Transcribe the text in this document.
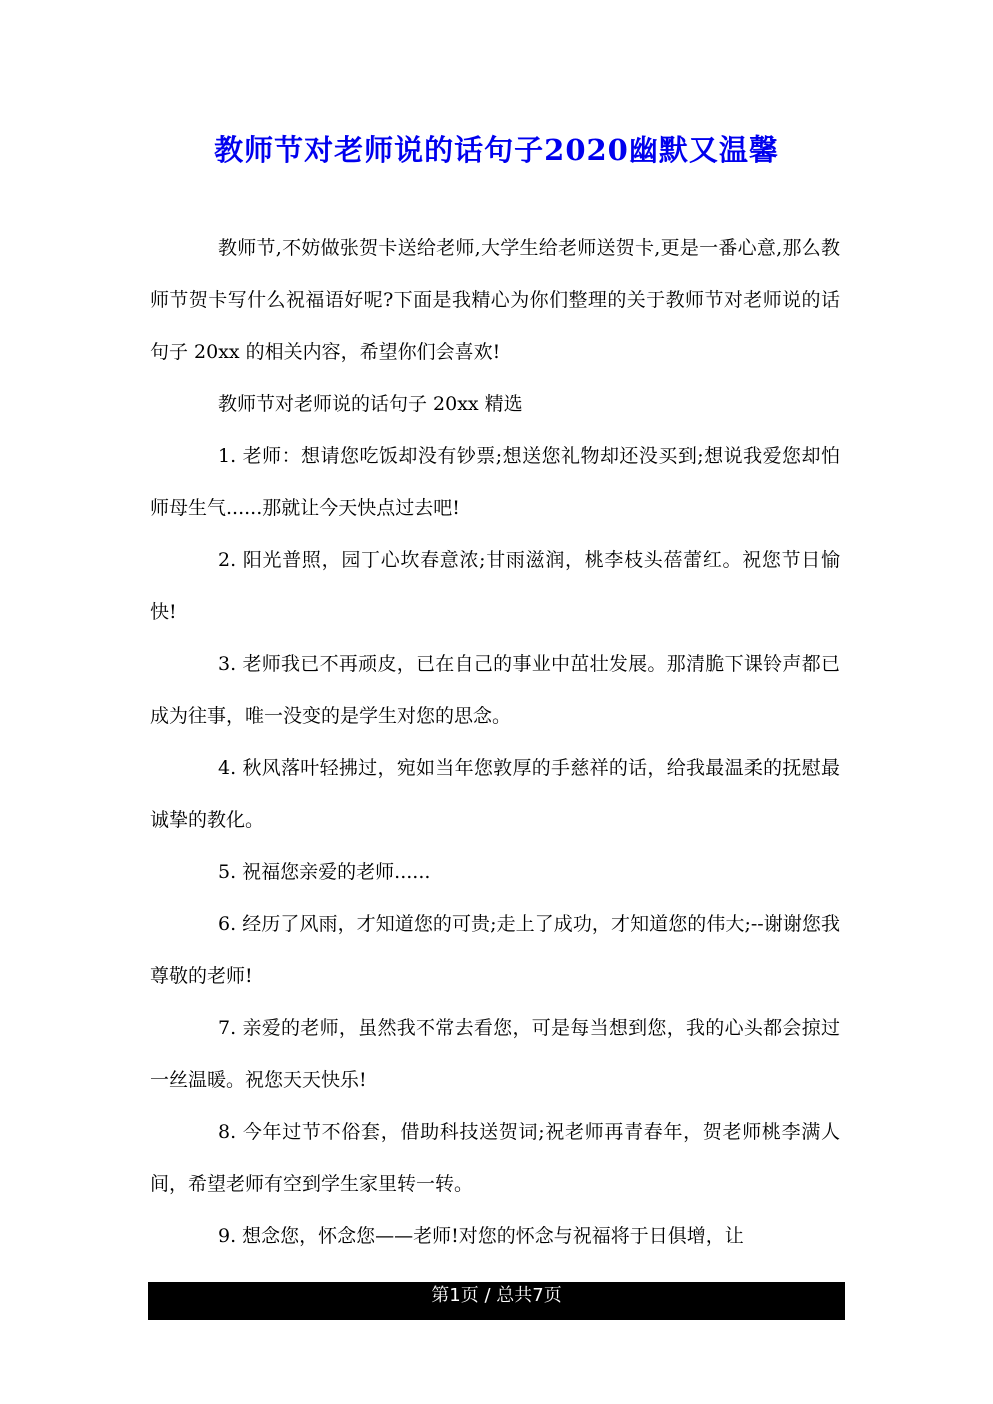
教师节对老师说的话句子2020幽默又温馨

教师节,不妨做张贺卡送给老师,大学生给老师送贺卡,更是一番心意,那么教师节贺卡写什么祝福语好呢?下面是我精心为你们整理的关于教师节对老师说的话句子 20xx 的相关内容，希望你们会喜欢!

教师节对老师说的话句子 20xx 精选

1. 老师：想请您吃饭却没有钞票;想送您礼物却还没买到;想说我爱您却怕师母生气......那就让今天快点过去吧!

2. 阳光普照，园丁心坎春意浓;甘雨滋润，桃李枝头蓓蕾红。祝您节日愉快!

3. 老师我已不再顽皮，已在自己的事业中茁壮发展。那清脆下课铃声都已成为往事，唯一没变的是学生对您的思念。

4. 秋风落叶轻拂过，宛如当年您敦厚的手慈祥的话，给我最温柔的抚慰最诚挚的教化。

5. 祝福您亲爱的老师......

6. 经历了风雨，才知道您的可贵;走上了成功，才知道您的伟大;--谢谢您我尊敬的老师!

7. 亲爱的老师，虽然我不常去看您，可是每当想到您，我的心头都会掠过一丝温暖。祝您天天快乐!

8. 今年过节不俗套，借助科技送贺词;祝老师再青春年，贺老师桃李满人间，希望老师有空到学生家里转一转。

9. 想念您，怀念您——老师!对您的怀念与祝福将于日俱增，让

第1页 / 总共7页
